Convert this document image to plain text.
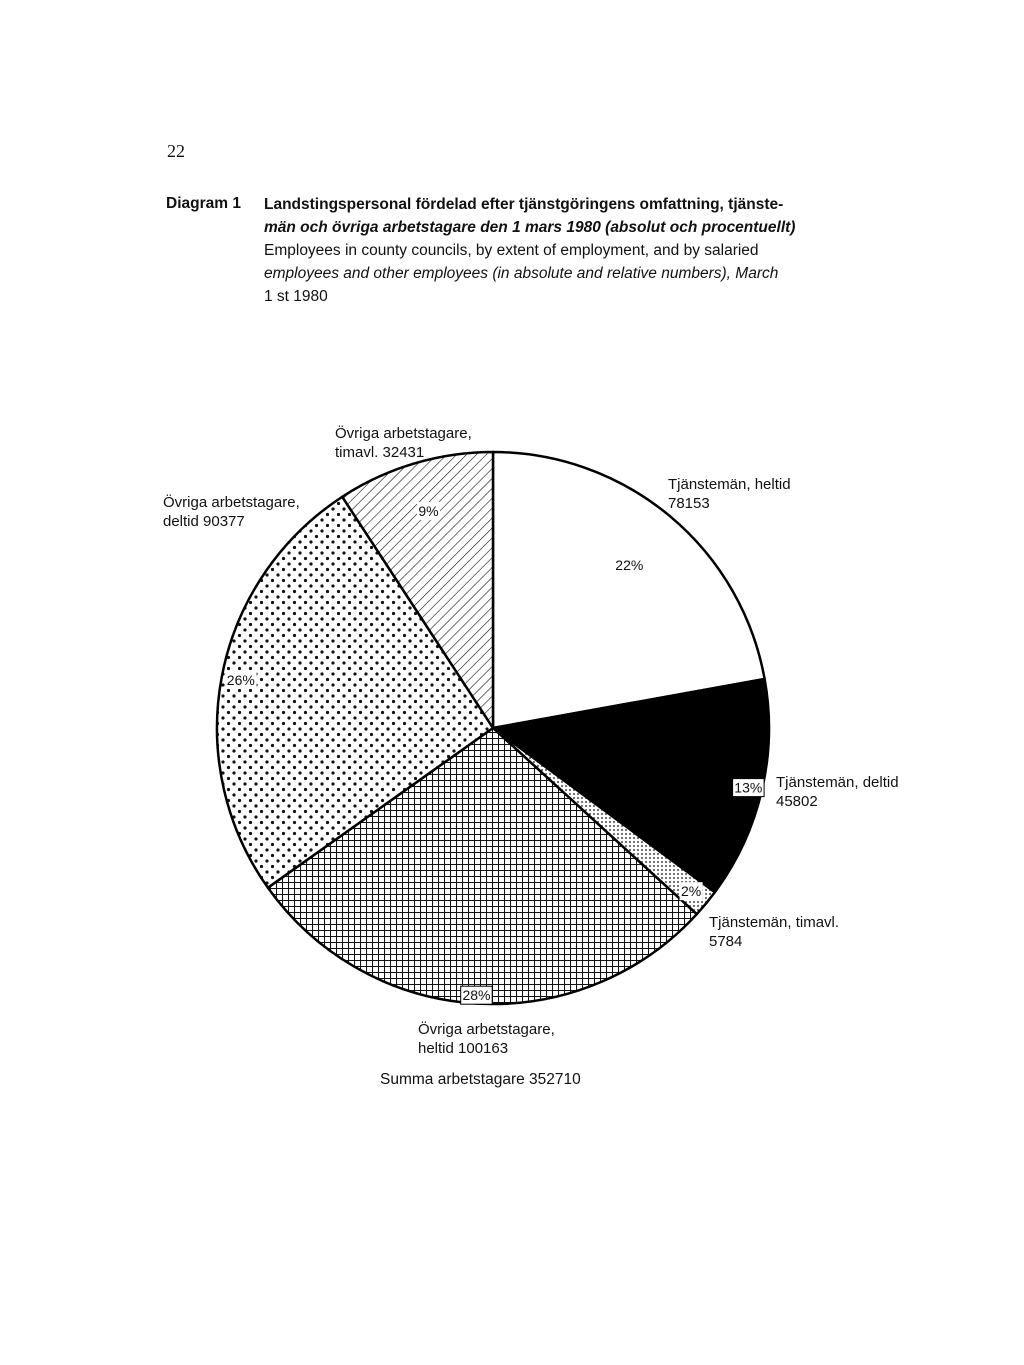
22
Diagram 1 Landstingspersonal fördelad efter tjänstgöringens omfattning, tjänste-
män och övriga arbetstagare den 1 mars 1980 (absolut och procentuellt)
Employees in county councils, by extent of employment, and by salaried
employees and other employees (in absolute and relative numbers), March
1 st 1980
22%
Tjänstemän, heltid
78153
13% Tjänstemän, deltid
45802
2%
Tjänstemän, timavl.
5784
28%
Övriga arbetstagare,
heltid 100163
26%
Övriga arbetstagare,
deltid 90377
9%
Övriga arbetstagare,
timavl. 32431
Summa arbetstagare 352710
